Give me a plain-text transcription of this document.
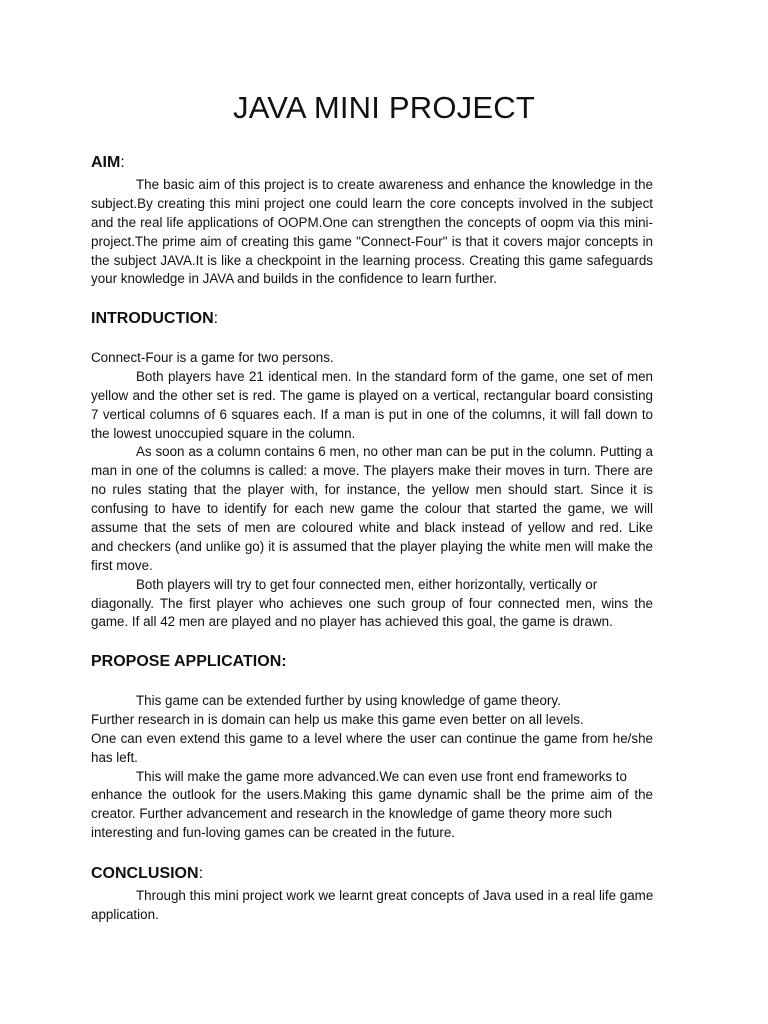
JAVA MINI PROJECT
AIM:
The basic aim of this project is to create awareness and enhance the knowledge in the
subject.By creating this mini project one could learn the core concepts involved in the subject
and the real life applications of OOPM.One can strengthen the concepts of oopm via this mini-
project.The prime aim of creating this game "Connect-Four" is that it covers major concepts in
the subject JAVA.It is like a checkpoint in the learning process. Creating this game safeguards
your knowledge in JAVA and builds in the confidence to learn further.
INTRODUCTION:
Connect-Four is a game for two persons.
Both players have 21 identical men. In the standard form of the game, one set of men
yellow and the other set is red. The game is played on a vertical, rectangular board consisting
7 vertical columns of 6 squares each. If a man is put in one of the columns, it will fall down to
the lowest unoccupied square in the column.
As soon as a column contains 6 men, no other man can be put in the column. Putting a
man in one of the columns is called: a move. The players make their moves in turn. There are
no rules stating that the player with, for instance, the yellow men should start. Since it is
confusing to have to identify for each new game the colour that started the game, we will
assume that the sets of men are coloured white and black instead of yellow and red. Like
and checkers (and unlike go) it is assumed that the player playing the white men will make the
first move.
Both players will try to get four connected men, either horizontally, vertically or
diagonally. The first player who achieves one such group of four connected men, wins the
game. If all 42 men are played and no player has achieved this goal, the game is drawn.
PROPOSE APPLICATION:
This game can be extended further by using knowledge of game theory.
Further research in is domain can help us make this game even better on all levels.
One can even extend this game to a level where the user can continue the game from he/she
has left.
This will make the game more advanced.We can even use front end frameworks to
enhance the outlook for the users.Making this game dynamic shall be the prime aim of the
creator. Further advancement and research in the knowledge of game theory more such
interesting and fun-loving games can be created in the future.
CONCLUSION:
Through this mini project work we learnt great concepts of Java used in a real life game
application.
